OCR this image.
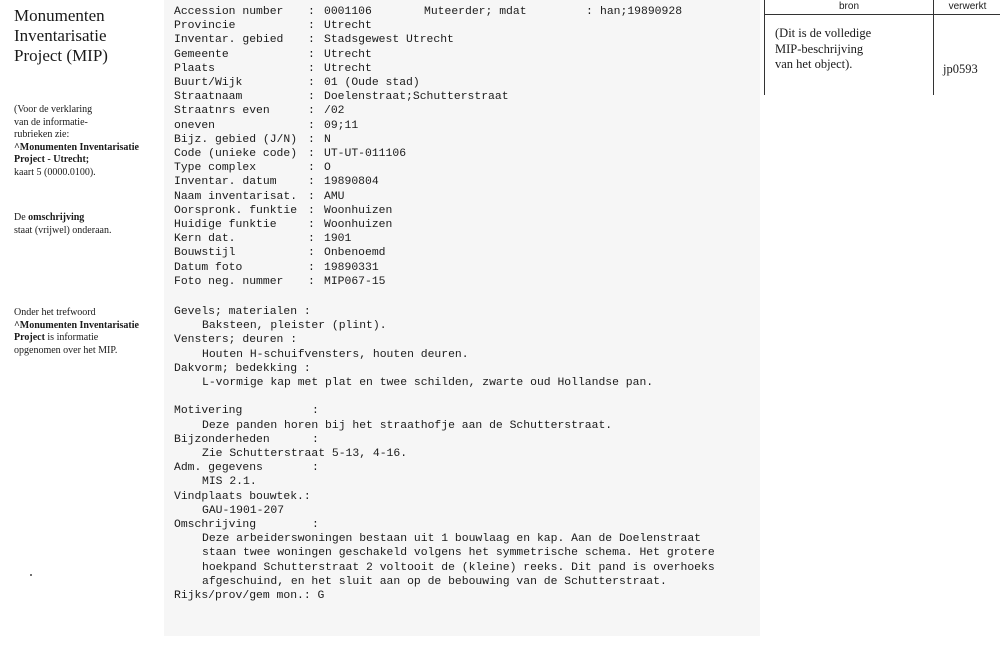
Monumenten
Inventarisatie
Project (MIP)
(Voor de verklaring
van de informatie-
rubrieken zie:
^Monumenten Inventarisatie
Project - Utrecht;
kaart 5 (0000.0100).
De omschrijving
staat (vrijwel) onderaan.
Onder het trefwoord
^Monumenten Inventarisatie
Project is informatie
opgenomen over het MIP.
Accession number : 0001106	Muteerder; mdat	: han;19890928
Provincie	: Utrecht
Inventar. gebied : Stadsgewest Utrecht
Gemeente	: Utrecht
Plaats	: Utrecht
Buurt/Wijk	: 01 (Oude stad)
Straatnaam	: Doelenstraat;Schutterstraat
Straatnrs even	: /02
oneven	: 09;11
Bijz. gebied (J/N) : N
Code (unieke code) : UT-UT-011106
Type complex	: O
Inventar. datum	: 19890804
Naam inventarisat. : AMU
Oorspronk. funktie : Woonhuizen
Huidige funktie	: Woonhuizen
Kern dat.	: 1901
Bouwstijl	: Onbenoemd
Datum foto	: 19890331
Foto neg. nummer : MIP067-15
Gevels; materialen :
Baksteen, pleister (plint).
Vensters; deuren :
Houten H-schuifvensters, houten deuren.
Dakvorm; bedekking :
L-vormige kap met plat en twee schilden, zwarte oud Hollandse pan.
Motivering	:
Deze panden horen bij het straathofje aan de Schutterstraat.
Bijzonderheden	:
Zie Schutterstraat 5-13, 4-16.
Adm. gegevens	:
MIS 2.1.
Vindplaats bouwtek.:
GAU-1901-207
Omschrijving	:
Deze arbeiderswoningen bestaan uit 1 bouwlaag en kap. Aan de Doelenstraat
staan twee woningen geschakeld volgens het symmetrische schema. Het grotere
hoekpand Schutterstraat 2 voltooit de (kleine) reeks. Dit pand is overhoeks
afgeschuind, en het sluit aan op de bebouwing van de Schutterstraat.
Rijks/prov/gem mon.: G
bron	verwerkt
(Dit is de volledige
MIP-beschrijving
van het object).	jp0593
